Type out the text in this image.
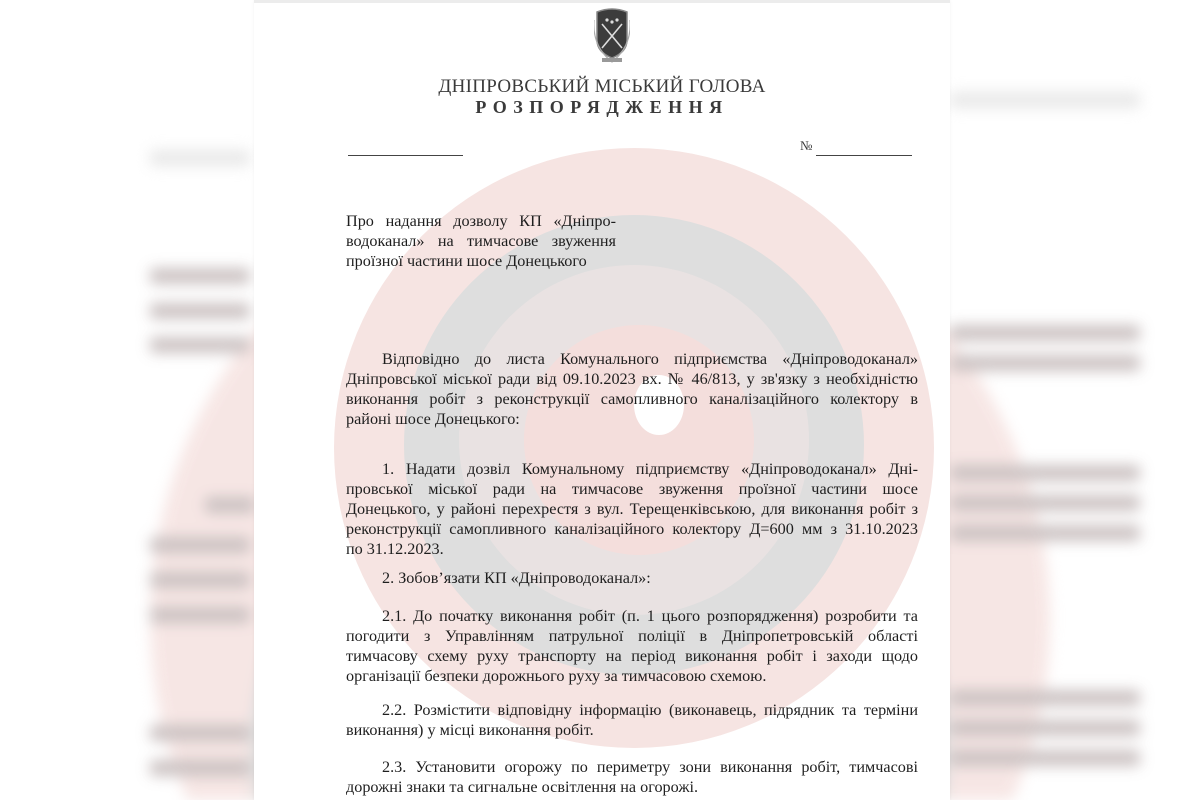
ДНІПРОВСЬКИЙ МІСЬКИЙ ГОЛОВА
РОЗПОРЯДЖЕННЯ
№
Про надання дозволу КП «Дніпро-
водоканал» на тимчасове звуження
проїзної частини шосе Донецького
Відповідно до листа Комунального підприємства «Дніпроводоканал»
Дніпровської міської ради від 09.10.2023 вх. № 46/813, у зв'язку з необхідністю
виконання робіт з реконструкції самопливного каналізаційного колектору в
районі шосе Донецького:
1. Надати дозвіл Комунальному підприємству «Дніпроводоканал» Дні-
провської міської ради на тимчасове звуження проїзної частини шосе
Донецького, у районі перехрестя з вул. Терещенківською, для виконання робіт з
реконструкції самопливного каналізаційного колектору Д=600 мм з 31.10.2023
по 31.12.2023.
2. Зобов’язати КП «Дніпроводоканал»:
2.1. До початку виконання робіт (п. 1 цього розпорядження) розробити та
погодити з Управлінням патрульної поліції в Дніпропетровській області
тимчасову схему руху транспорту на період виконання робіт і заходи щодо
організації безпеки дорожнього руху за тимчасовою схемою.
2.2. Розмістити відповідну інформацію (виконавець, підрядник та терміни
виконання) у місці виконання робіт.
2.3. Установити огорожу по периметру зони виконання робіт, тимчасові
дорожні знаки та сигнальне освітлення на огорожі.
